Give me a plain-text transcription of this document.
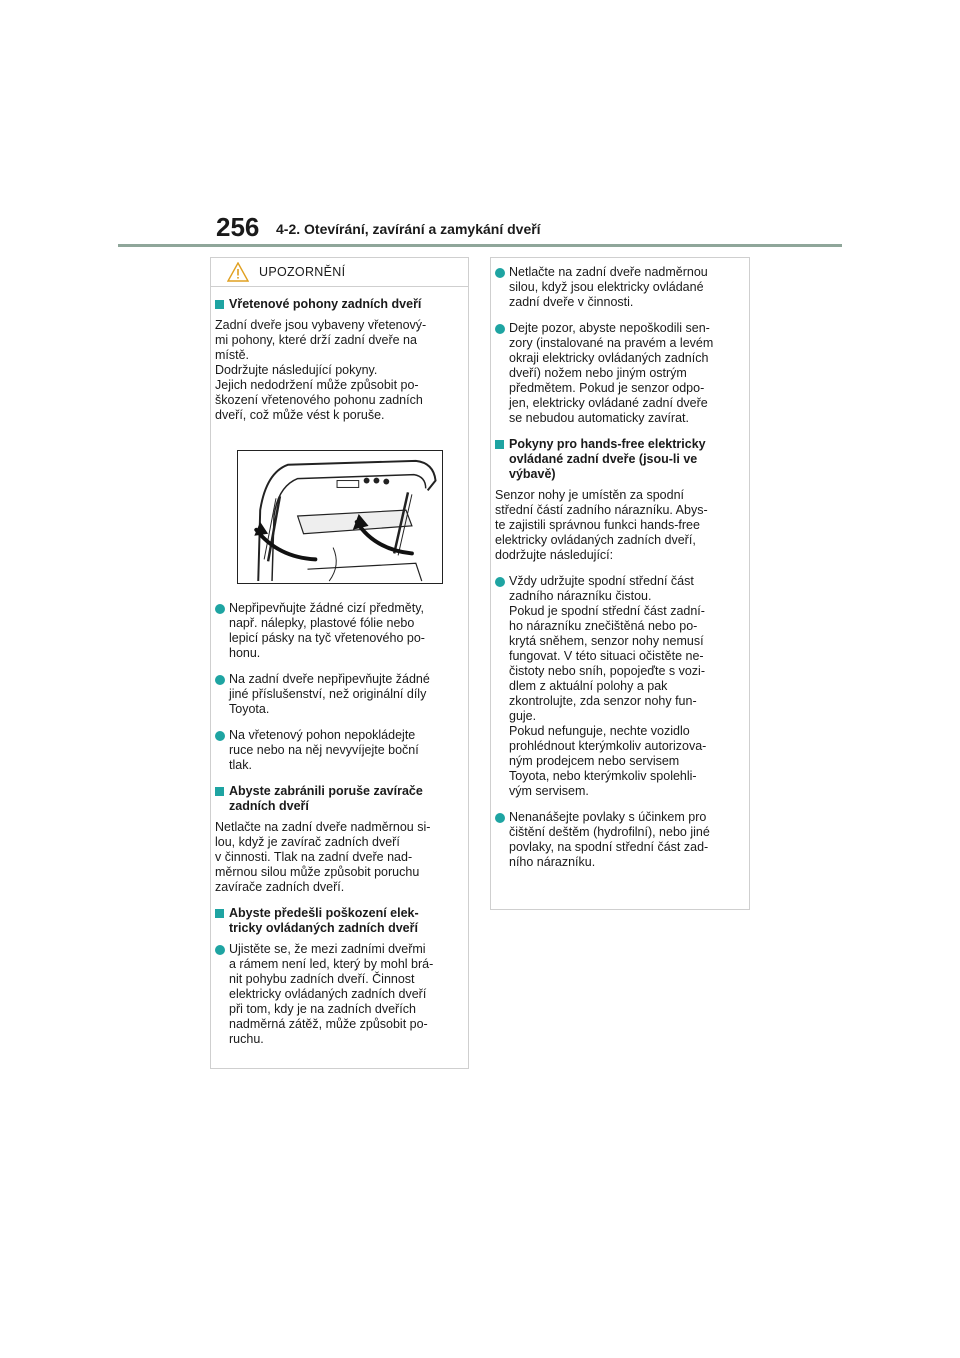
256 4-2. Otevírání, zavírání a zamykání dveří
UPOZORNĚNÍ
Vřetenové pohony zadních dveří
Zadní dveře jsou vybaveny vřetenový-
mi pohony, které drží zadní dveře na
místě.
Dodržujte následující pokyny.
Jejich nedodržení může způsobit po-
škození vřetenového pohonu zadních
dveří, což může vést k poruše.
Nepřipevňujte žádné cizí předměty,
např. nálepky, plastové fólie nebo
lepicí pásky na tyč vřetenového po-
honu.
Na zadní dveře nepřipevňujte žádné
jiné příslušenství, než originální díly
Toyota.
Na vřetenový pohon nepokládejte
ruce nebo na něj nevyvíjejte boční
tlak.
Abyste zabránili poruše zavírače
zadních dveří
Netlačte na zadní dveře nadměrnou si-
lou, když je zavírač zadních dveří
v činnosti. Tlak na zadní dveře nad-
měrnou silou může způsobit poruchu
zavírače zadních dveří.
Abyste předešli poškození elek-
tricky ovládaných zadních dveří
Ujistěte se, že mezi zadními dveřmi
a rámem není led, který by mohl brá-
nit pohybu zadních dveří. Činnost
elektricky ovládaných zadních dveří
při tom, kdy je na zadních dveřích
nadměrná zátěž, může způsobit po-
ruchu.
Netlačte na zadní dveře nadměrnou
silou, když jsou elektricky ovládané
zadní dveře v činnosti.
Dejte pozor, abyste nepoškodili sen-
zory (instalované na pravém a levém
okraji elektricky ovládaných zadních
dveří) nožem nebo jiným ostrým
předmětem. Pokud je senzor odpo-
jen, elektricky ovládané zadní dveře
se nebudou automaticky zavírat.
Pokyny pro hands-free elektricky
ovládané zadní dveře (jsou-li ve
výbavě)
Senzor nohy je umístěn za spodní
střední částí zadního nárazníku. Abys-
te zajistili správnou funkci hands-free
elektricky ovládaných zadních dveří,
dodržujte následující:
Vždy udržujte spodní střední část
zadního nárazníku čistou.
Pokud je spodní střední část zadní-
ho nárazníku znečištěná nebo po-
krytá sněhem, senzor nohy nemusí
fungovat. V této situaci očistěte ne-
čistoty nebo sníh, popojeďte s vozi-
dlem z aktuální polohy a pak
zkontrolujte, zda senzor nohy fun-
guje.
Pokud nefunguje, nechte vozidlo
prohlédnout kterýmkoliv autorizova-
ným prodejcem nebo servisem
Toyota, nebo kterýmkoliv spolehli-
vým servisem.
Nenanášejte povlaky s účinkem pro
čištění deštěm (hydrofilní), nebo jiné
povlaky, na spodní střední část zad-
ního nárazníku.
